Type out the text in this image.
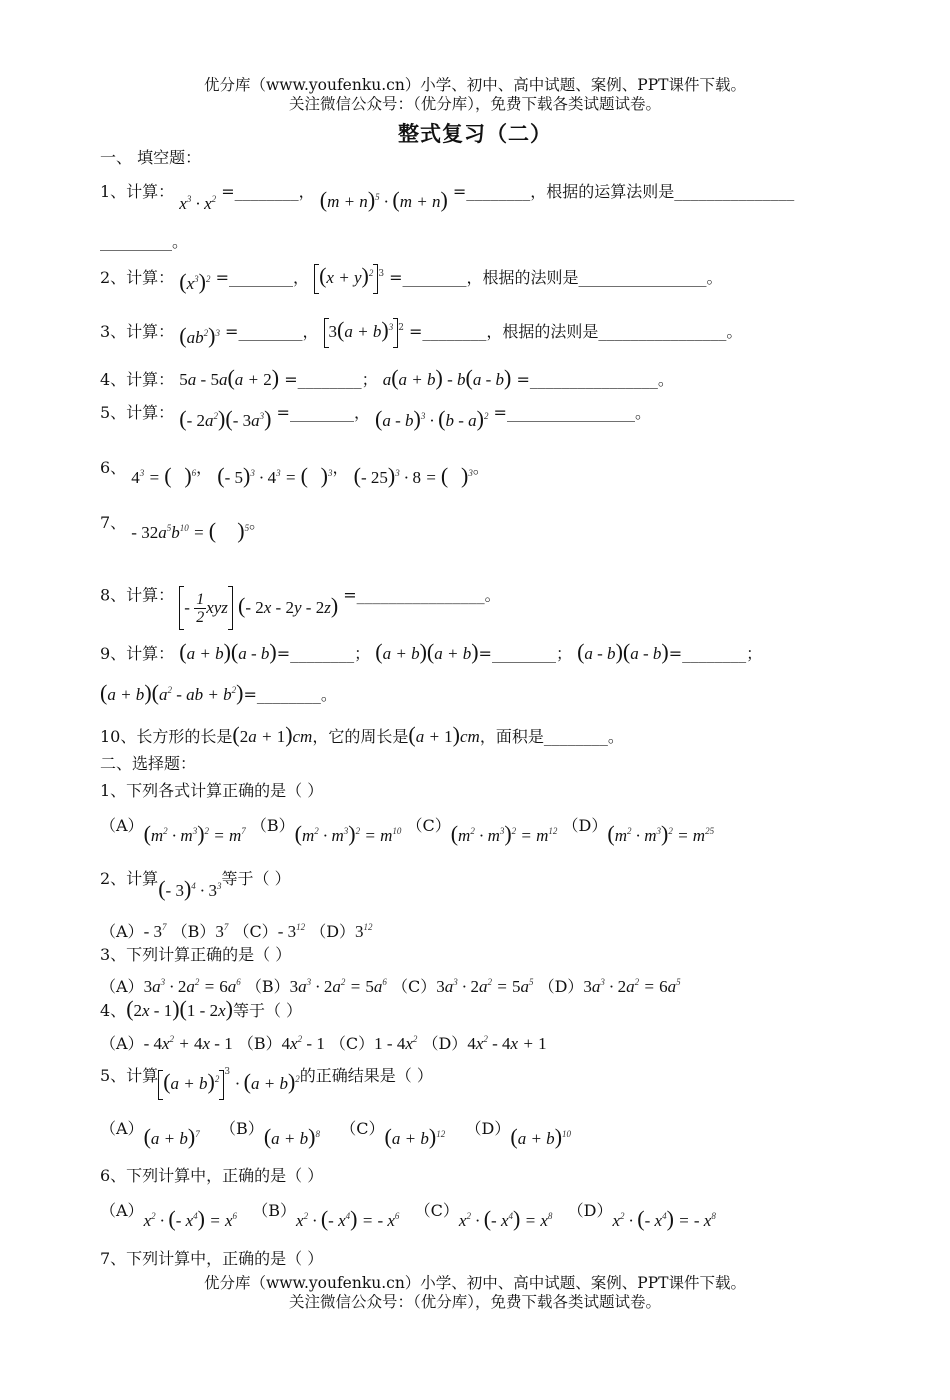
优分库（www.youfenku.cn）小学、初中、高中试题、案例、PPT课件下载。
关注微信公众号：（优分库），免费下载各类试题试卷。
整式复习（二）
一、 填空题：
1、计算： $x^3 \cdot x^2$ =________， $(m + n)^5 \cdot (m + n)$ =________，根据的运算法则是_______________
_________。
2、计算： $(x^3)^2$ =________， $(x + y)^2$ $^3$ =________，根据的法则是________________。
3、计算： $(ab^2)^3$ =________， $3(a + b)^3$ $^2$ =________，根据的法则是________________。
4、计算： 5a - 5a(a + 2) =________； a(a + b) - b(a - b) =________________。
5、计算： (- $2a^2)(-$ $3a^3$) =________， (a - b)$^3$ · (b - a)$^2$ =________________。
6、 $4^3$ = ( )$^6$， (- $5)^3 \cdot 4^3$ = ( )$^3$， (- 25)$^3$ · 8 = ( )$^3$。
7、 - $32a^5b^{10}$ = ( )$^5$。
8、计算： - $\frac{1}{2}$ xyz (- 2x - 2y - 2z) =________________。
9、计算： (a + b)(a - b)=________； (a + b)(a + b)=________； (a - b)(a - b)=________；
$(a + b)(a^2$ - ab + $b^2)=\_\_\_\_\_\_\_\_$。
10、长方形的长是(2a + 1)cm，它的周长是(a + 1)cm，面积是________。
二、选择题：
1、下列各式计算正确的是（ ）
$(A)(m^2 \cdot m^3)^2 = m^7$ $(B)(m^2 \cdot m^3)^2 = m^{10}$ $(C)(m^2 \cdot m^3)^2 = m^{12}$ $(D)(m^2 \cdot m^3)^2 = m^{25}$
2、计算(- $3)^4 \cdot 3^3$等于（ ）
（A）- $3^7$ $(B)3^7$ （C）- $3^{12}$ $(D)3^{12}$
3、下列计算正确的是（ ）
$(A)3a^3 \cdot 2a^2 = 6a^6$ $(B)3a^3 \cdot 2a^2 = 5a^6$ $(C)3a^3 \cdot 2a^2 = 5a^5$ $(D)3a^3 \cdot 2a^2 = 6a^5$
4、(2x - 1)(1 - 2x)等于（ ）
（A）- $4x^2 + 4x - 1$ $(B)4x^2 - 1$ $(C)1 - 4x^2$ $(D)4x^2 - 4x + 1$
5、计算 $(a + b)^{23} \cdot (a + b)^2$的正确结果是（ ）
$(A)(a + b)^7$ $(B)(a + b)^8$ $(C)(a + b)^{12}$ $(D)(a + b)^{10}$
6、下列计算中，正确的是（ ）
$(A)x^2$ · (- $x^4) = x^6$ $(B)x^2$ · (- $x^4$) = - $x^6$ $(C)x^2$ · (- $x^4) = x^8$ $(D)x^2$ · (- $x^4$) = - $x^8$
7、下列计算中，正确的是（ ）
优分库（www.youfenku.cn）小学、初中、高中试题、案例、PPT课件下载。
关注微信公众号：（优分库），免费下载各类试题试卷。
